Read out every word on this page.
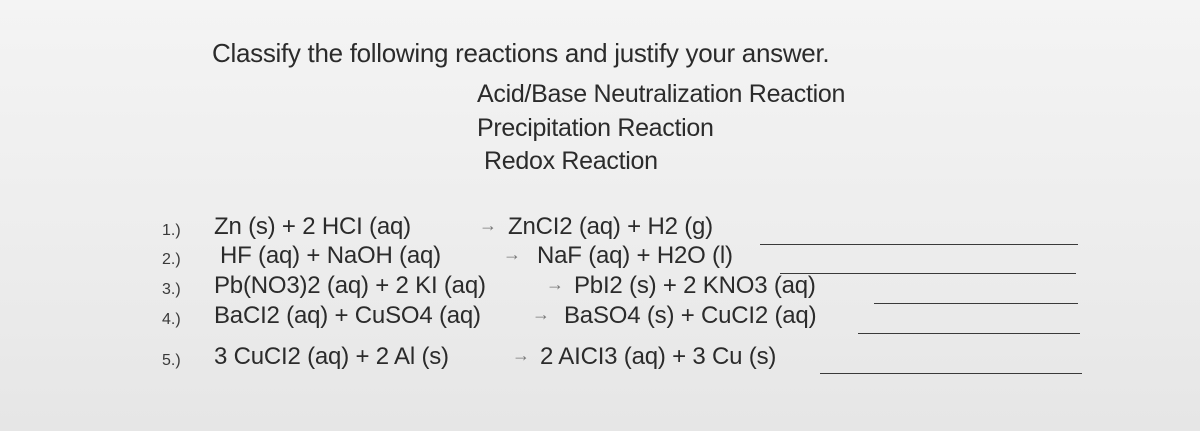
Classify the following reactions and justify your answer.
Acid/Base Neutralization Reaction
Precipitation Reaction
Redox Reaction
1.) Zn (s) + 2 HCI (aq)	→ ZnCI2 (aq) + H2 (g)
2.) HF (aq) + NaOH (aq)	→ NaF (aq) + H2O (l)
3.) Pb(NO3)2 (aq) + 2 KI (aq)	→ PbI2 (s) + 2 KNO3 (aq)
4.) BaCI2 (aq) + CuSO4 (aq)	→ BaSO4 (s) + CuCI2 (aq)
5.) 3 CuCI2 (aq) + 2 Al (s)	→ 2 AICI3 (aq) + 3 Cu (s)
